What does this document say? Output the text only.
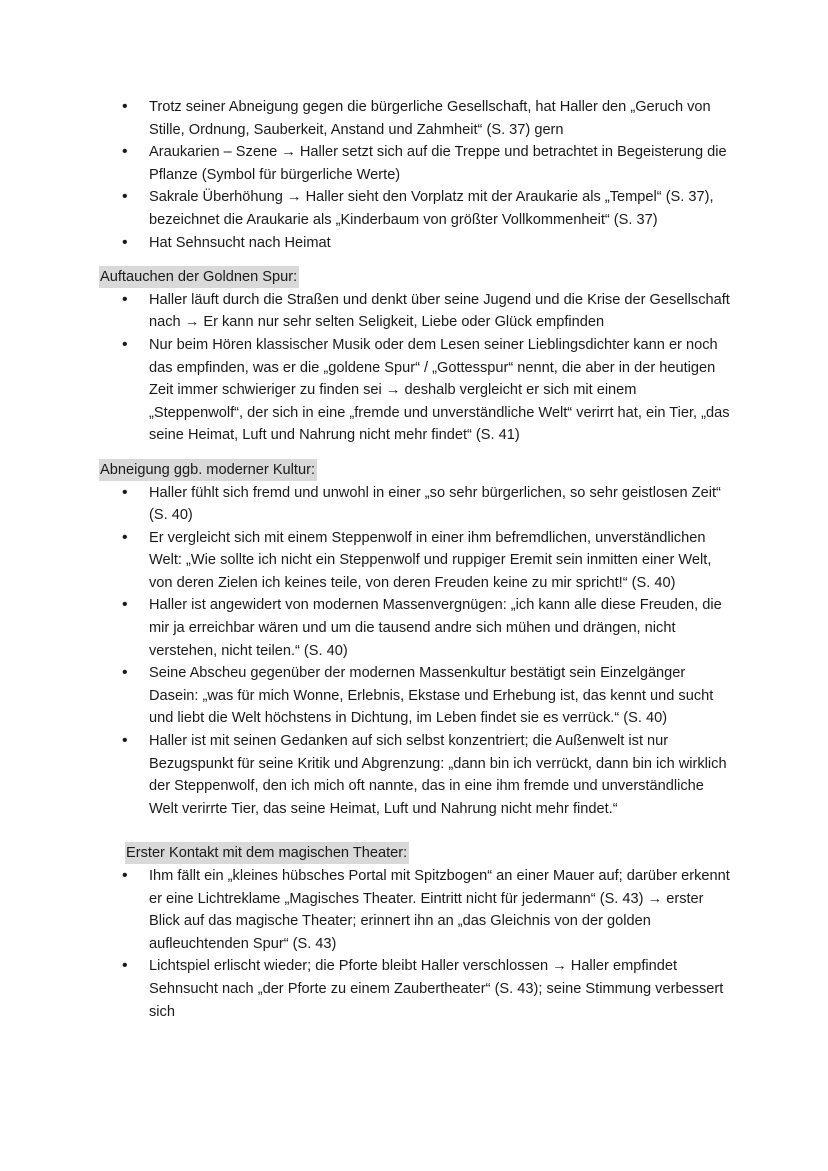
• Trotz seiner Abneigung gegen die bürgerliche Gesellschaft, hat Haller den „Geruch von Stille, Ordnung, Sauberkeit, Anstand und Zahmheit“ (S. 37) gern
• Araukarien – Szene → Haller setzt sich auf die Treppe und betrachtet in Begeisterung die Pflanze (Symbol für bürgerliche Werte)
• Sakrale Überhöhung → Haller sieht den Vorplatz mit der Araukarie als „Tempel“ (S. 37), bezeichnet die Araukarie als „Kinderbaum von größter Vollkommenheit“ (S. 37)
• Hat Sehnsucht nach Heimat
Auftauchen der Goldnen Spur:
• Haller läuft durch die Straßen und denkt über seine Jugend und die Krise der Gesellschaft nach → Er kann nur sehr selten Seligkeit, Liebe oder Glück empfinden
• Nur beim Hören klassischer Musik oder dem Lesen seiner Lieblingsdichter kann er noch das empfinden, was er die „goldene Spur“ / „Gottesspur“ nennt, die aber in der heutigen Zeit immer schwieriger zu finden sei → deshalb vergleicht er sich mit einem „Steppenwolf“, der sich in eine „fremde und unverständliche Welt“ verirrt hat, ein Tier, „das seine Heimat, Luft und Nahrung nicht mehr findet“ (S. 41)
Abneigung ggb. moderner Kultur:
• Haller fühlt sich fremd und unwohl in einer „so sehr bürgerlichen, so sehr geistlosen Zeit“ (S. 40)
• Er vergleicht sich mit einem Steppenwolf in einer ihm befremdlichen, unverständlichen Welt: „Wie sollte ich nicht ein Steppenwolf und ruppiger Eremit sein inmitten einer Welt, von deren Zielen ich keines teile, von deren Freuden keine zu mir spricht!“ (S. 40)
• Haller ist angewidert von modernen Massenvergnügen: „ich kann alle diese Freuden, die mir ja erreichbar wären und um die tausend andre sich mühen und drängen, nicht verstehen, nicht teilen.“ (S. 40)
• Seine Abscheu gegenüber der modernen Massenkultur bestätigt sein Einzelgänger Dasein: „was für mich Wonne, Erlebnis, Ekstase und Erhebung ist, das kennt und sucht und liebt die Welt höchstens in Dichtung, im Leben findet sie es verrück.“ (S. 40)
• Haller ist mit seinen Gedanken auf sich selbst konzentriert; die Außenwelt ist nur Bezugspunkt für seine Kritik und Abgrenzung: „dann bin ich verrückt, dann bin ich wirklich der Steppenwolf, den ich mich oft nannte, das in eine ihm fremde und unverständliche Welt verirrte Tier, das seine Heimat, Luft und Nahrung nicht mehr findet.“
Erster Kontakt mit dem magischen Theater:
• Ihm fällt ein „kleines hübsches Portal mit Spitzbogen“ an einer Mauer auf; darüber erkennt er eine Lichtreklame „Magisches Theater. Eintritt nicht für jedermann“ (S. 43) → erster Blick auf das magische Theater; erinnert ihn an „das Gleichnis von der golden aufleuchtenden Spur“ (S. 43)
• Lichtspiel erlischt wieder; die Pforte bleibt Haller verschlossen → Haller empfindet Sehnsucht nach „der Pforte zu einem Zaubertheater“ (S. 43); seine Stimmung verbessert sich
